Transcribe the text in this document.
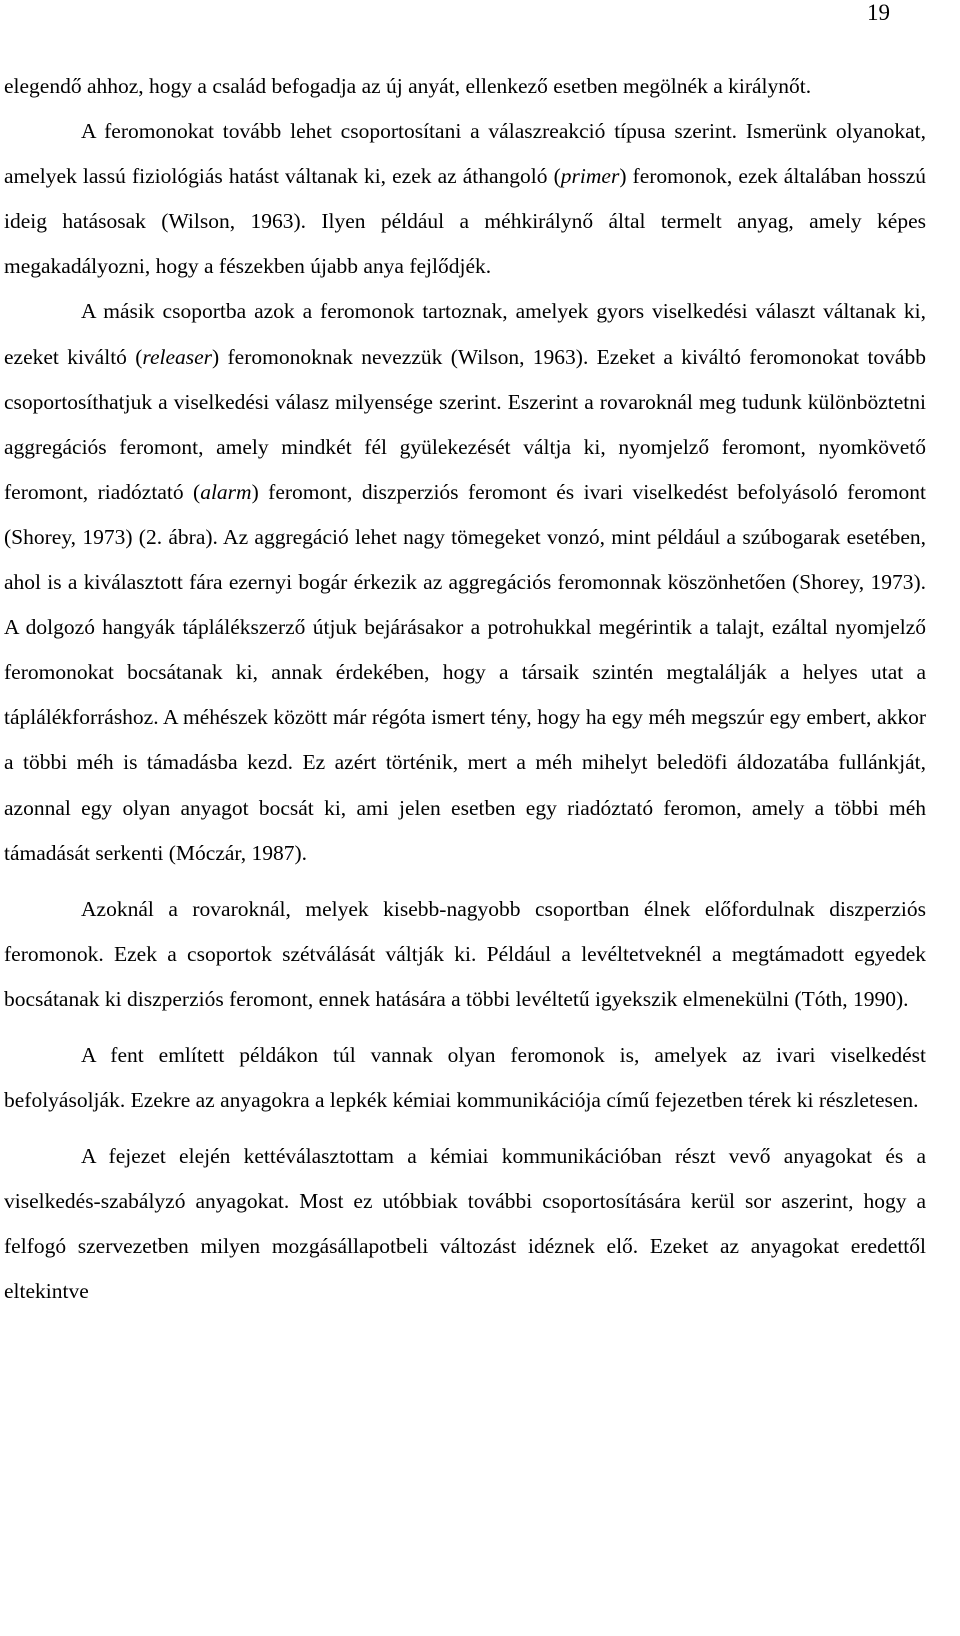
19

elegendő ahhoz, hogy a család befogadja az új anyát, ellenkező esetben megölnék a királynőt.

A feromonokat tovább lehet csoportosítani a válaszreakció típusa szerint. Ismerünk olyanokat, amelyek lassú fiziológiás hatást váltanak ki, ezek az áthangoló (primer) feromonok, ezek általában hosszú ideig hatásosak (Wilson, 1963). Ilyen például a méhkirálynő által termelt anyag, amely képes megakadályozni, hogy a fészekben újabb anya fejlődjék.

A másik csoportba azok a feromonok tartoznak, amelyek gyors viselkedési választ váltanak ki, ezeket kiváltó (releaser) feromonoknak nevezzük (Wilson, 1963). Ezeket a kiváltó feromonokat tovább csoportosíthatjuk a viselkedési válasz milyensége szerint. Eszerint a rovaroknál meg tudunk különböztetni aggregációs feromont, amely mindkét fél gyülekezését váltja ki, nyomjelző feromont, nyomkövető feromont, riadóztató (alarm) feromont, diszperziós feromont és ivari viselkedést befolyásoló feromont (Shorey, 1973) (2. ábra). Az aggregáció lehet nagy tömegeket vonzó, mint például a szúbogarak esetében, ahol is a kiválasztott fára ezernyi bogár érkezik az aggregációs feromonnak köszönhetően (Shorey, 1973). A dolgozó hangyák táplálékszerző útjuk bejárásakor a potrohukkal megérintik a talajt, ezáltal nyomjelző feromonokat bocsátanak ki, annak érdekében, hogy a társaik szintén megtalálják a helyes utat a táplálékforráshoz. A méhészek között már régóta ismert tény, hogy ha egy méh megszúr egy embert, akkor a többi méh is támadásba kezd. Ez azért történik, mert a méh mihelyt beledöfi áldozatába fullánkját, azonnal egy olyan anyagot bocsát ki, ami jelen esetben egy riadóztató feromon, amely a többi méh támadását serkenti (Móczár, 1987).

Azoknál a rovaroknál, melyek kisebb-nagyobb csoportban élnek előfordulnak diszperziós feromonok. Ezek a csoportok szétválását váltják ki. Például a levéltetveknél a megtámadott egyedek bocsátanak ki diszperziós feromont, ennek hatására a többi levéltetű igyekszik elmenekülni (Tóth, 1990).

A fent említett példákon túl vannak olyan feromonok is, amelyek az ivari viselkedést befolyásolják. Ezekre az anyagokra a lepkék kémiai kommunikációja című fejezetben térek ki részletesen.

A fejezet elején kettéválasztottam a kémiai kommunikációban részt vevő anyagokat és a viselkedés-szabályzó anyagokat. Most ez utóbbiak további csoportosítására kerül sor aszerint, hogy a felfogó szervezetben milyen mozgásállapotbeli változást idéznek elő. Ezeket az anyagokat eredettől eltekintve
